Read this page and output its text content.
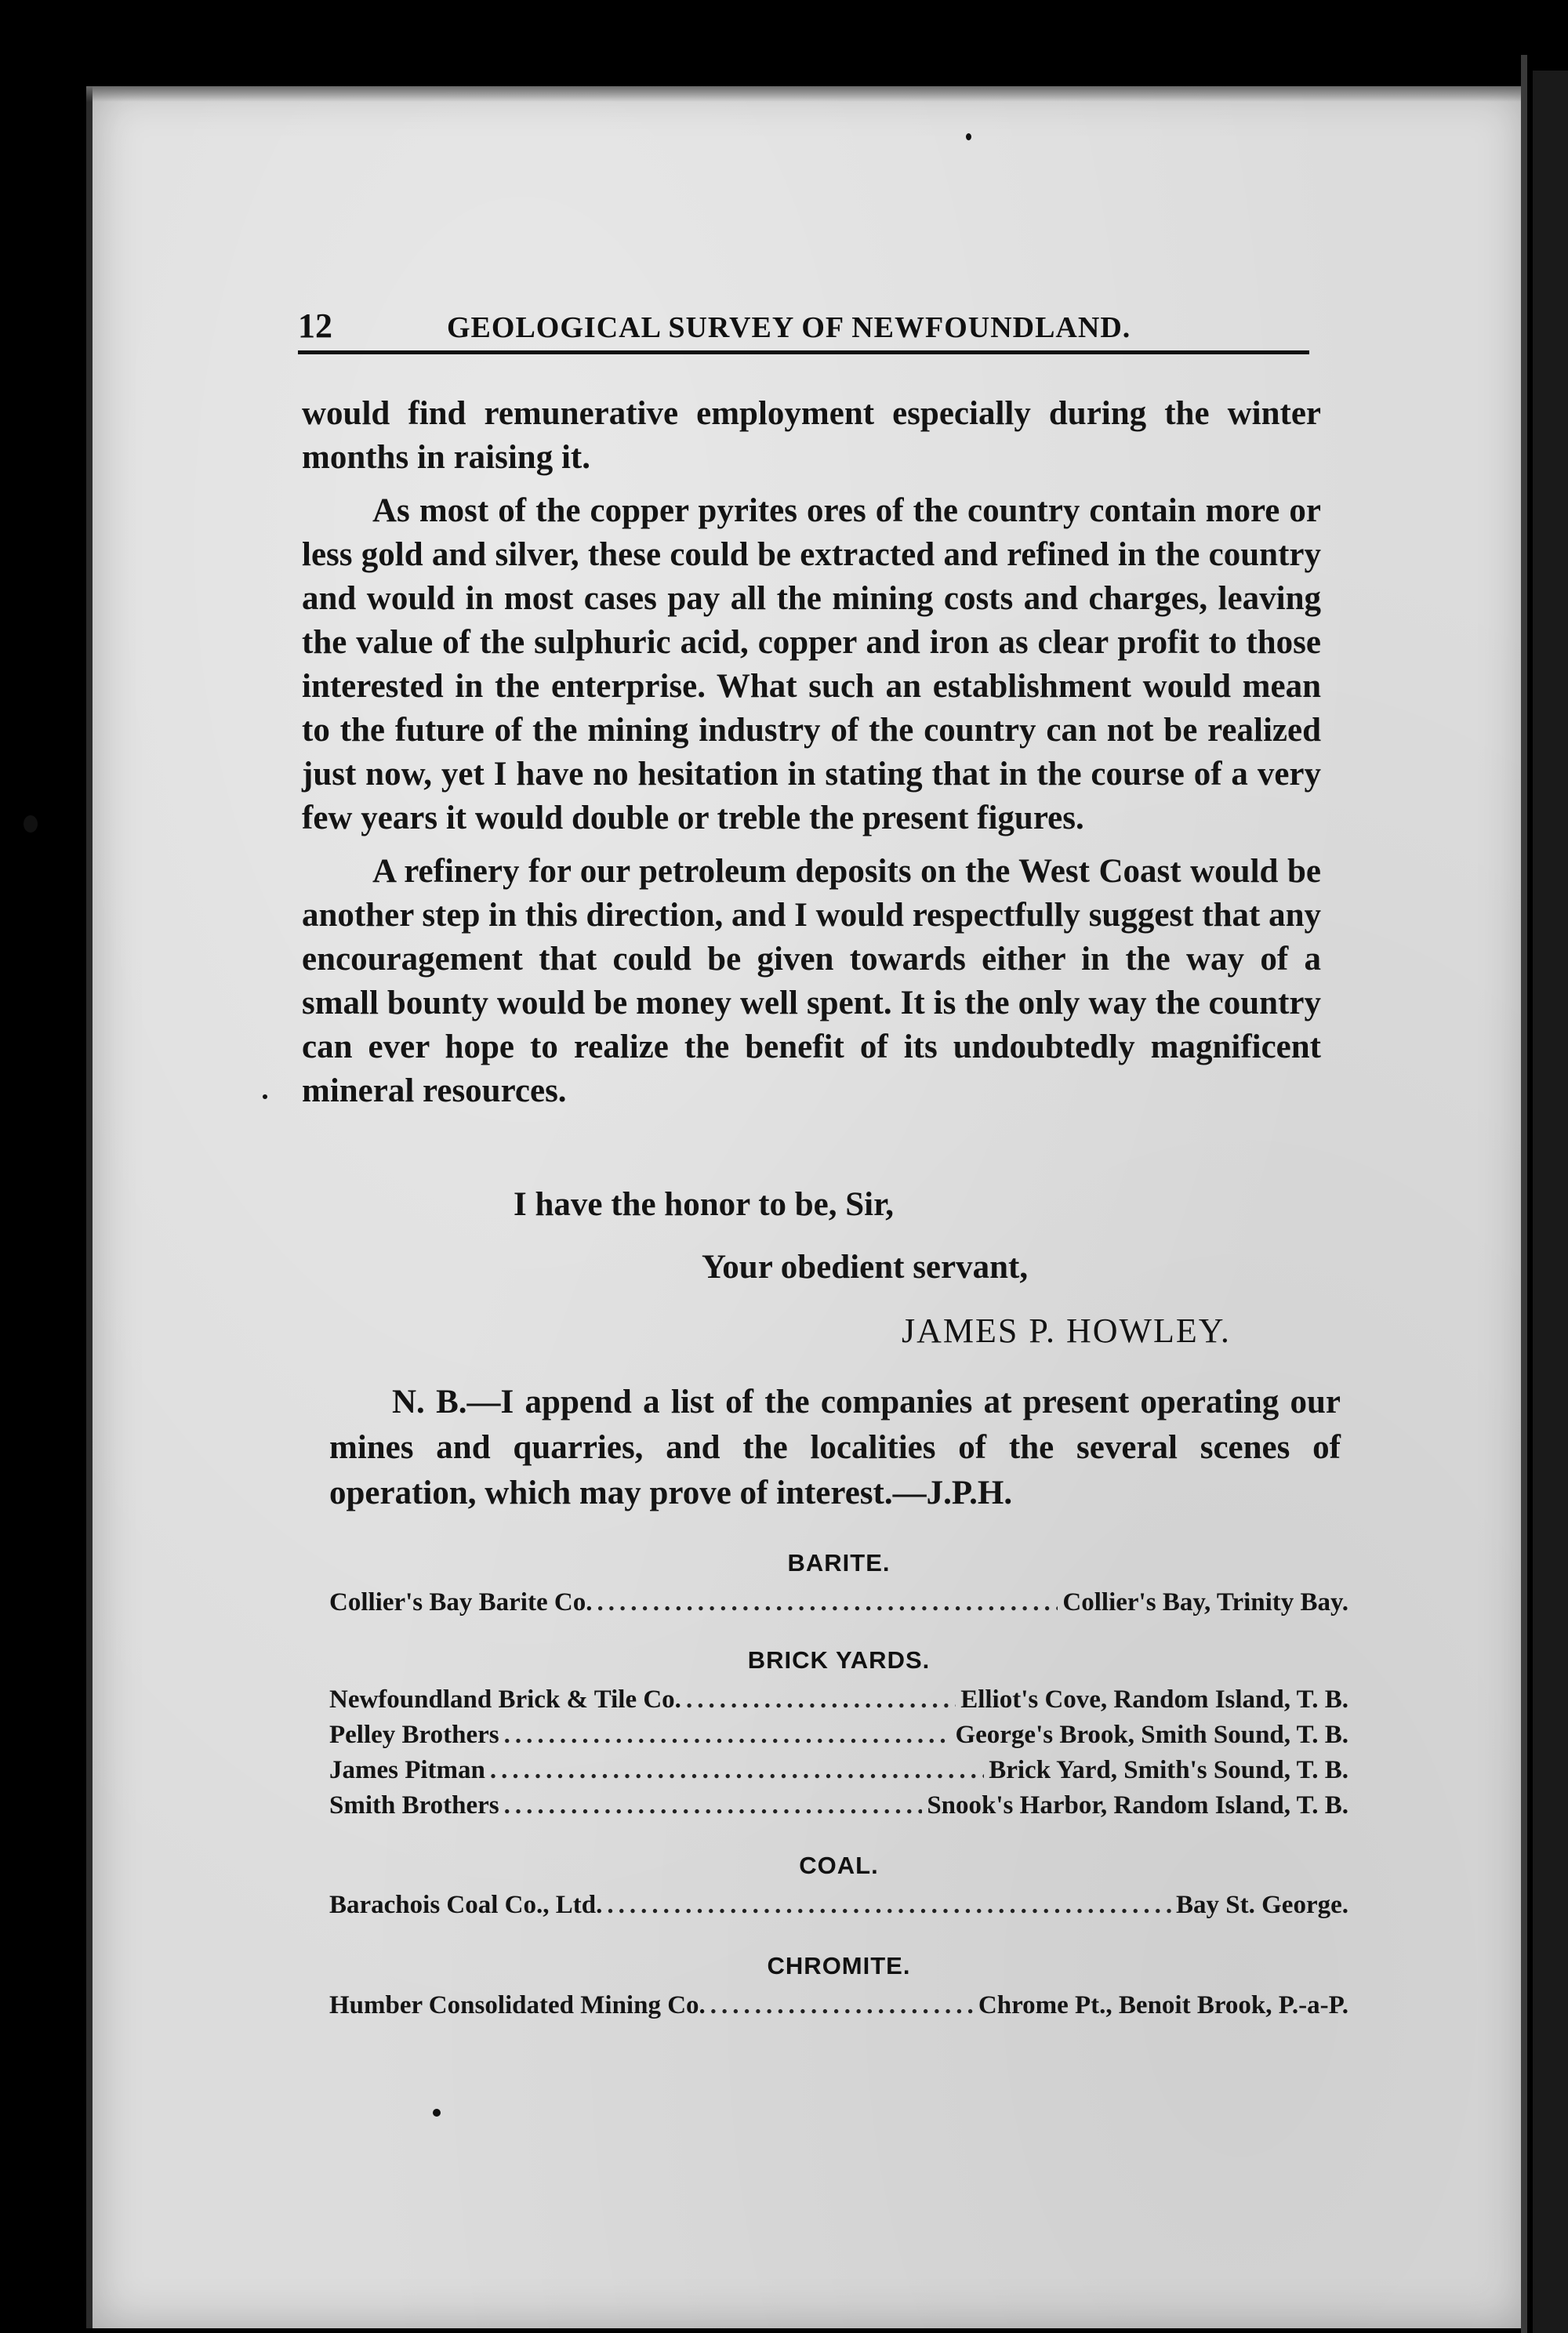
12	GEOLOGICAL SURVEY OF NEWFOUNDLAND.

would find remunerative employment especially during the winter months in raising it.

As most of the copper pyrites ores of the country contain more or less gold and silver, these could be extracted and refined in the country and would in most cases pay all the mining costs and charges, leaving the value of the sulphuric acid, copper and iron as clear profit to those interested in the enterprise. What such an establishment would mean to the future of the mining industry of the country can not be realized just now, yet I have no hesitation in stating that in the course of a very few years it would double or treble the present figures.

A refinery for our petroleum deposits on the West Coast would be another step in this direction, and I would respectfully suggest that any encouragement that could be given towards either in the way of a small bounty would be money well spent. It is the only way the country can ever hope to realize the benefit of its undoubtedly magnificent mineral resources.

I have the honor to be, Sir,
Your obedient servant,
JAMES P. HOWLEY.
N. B.—I append a list of the companies at present operating our mines and quarries, and the localities of the several scenes of operation, which may prove of interest.—J.P.H.
BARITE.
Collier's Bay Barite Co. .....	Collier's Bay, Trinity Bay.
BRICK YARDS.
Newfoundland Brick & Tile Co. .....	Elliot's Cove, Random Island, T. B.
Pelley Brothers .....	George's Brook, Smith Sound, T. B.
James Pitman .....	Brick Yard, Smith's Sound, T. B.
Smith Brothers .....	Snook's Harbor, Random Island, T. B.
COAL.
Barachois Coal Co., Ltd. .....	Bay St. George.
CHROMITE.
Humber Consolidated Mining Co. .....	Chrome Pt., Benoit Brook, P.-a-P.
